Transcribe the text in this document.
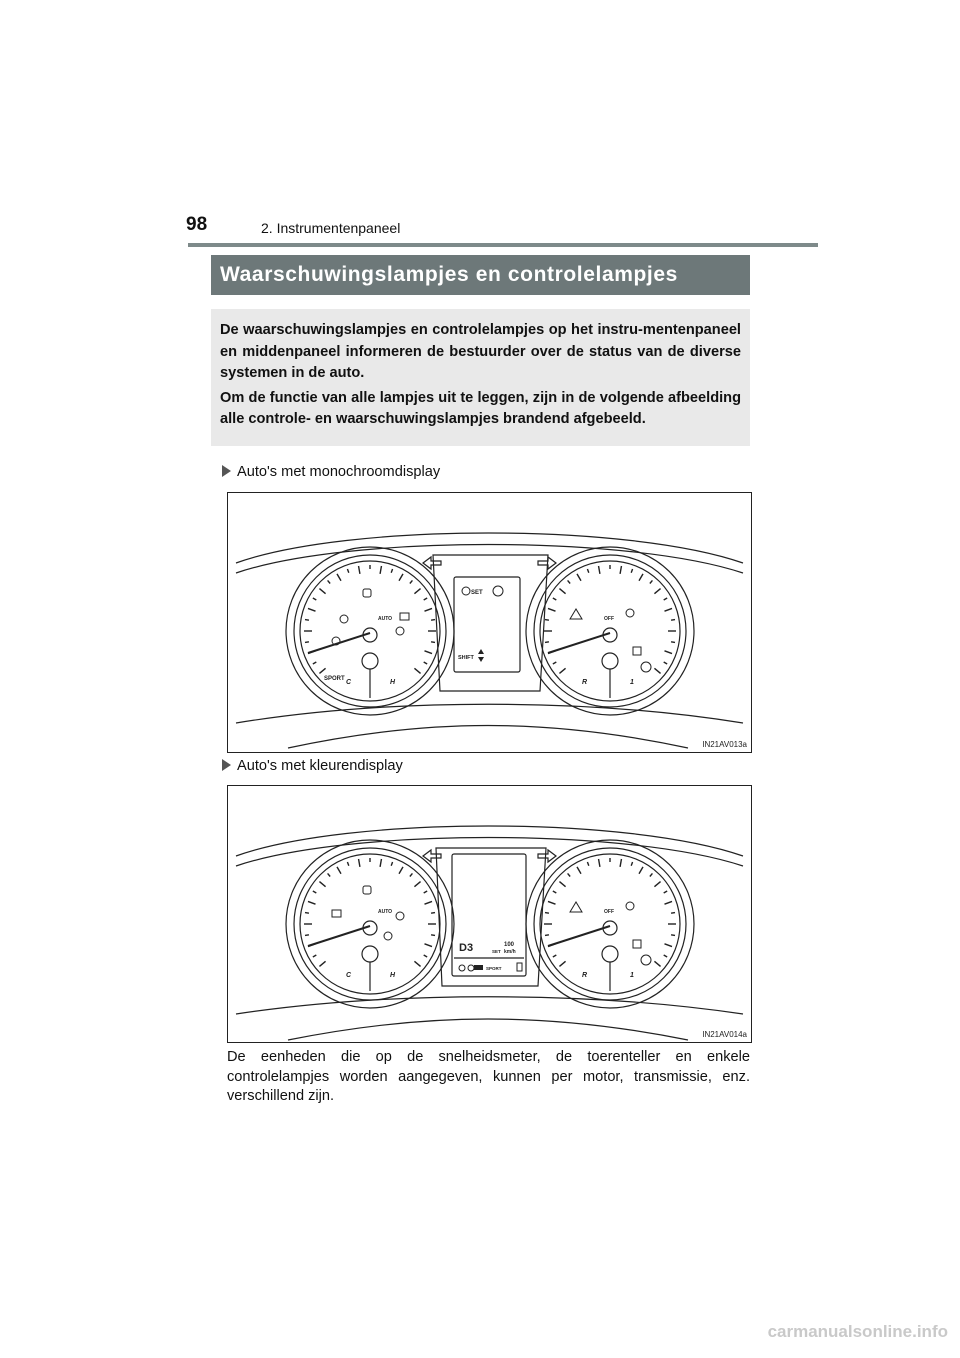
98	2. Instrumentenpaneel
Waarschuwingslampjes en controlelampjes

De waarschuwingslampjes en controlelampjes op het instru-mentenpaneel en middenpaneel informeren de bestuurder over de status van de diverse systemen in de auto.

Om de functie van alle lampjes uit te leggen, zijn in de volgende afbeelding alle controle- en waarschuwingslampjes brandend afgebeeld.

Auto's met monochroomdisplay
SPORT C	H	R	1
OFF
AUTO
SET
SHIFT
IN21AV013a
Auto's met kleurendisplay
C	H	R	1
OFF
AUTO
D3	100
km/h
SET
SPORT
IN21AV014a
De eenheden die op de snelheidsmeter, de toerenteller en enkele controlelampjes worden aangegeven, kunnen per motor, transmissie, enz. verschillend zijn.
carmanualsonline.info
